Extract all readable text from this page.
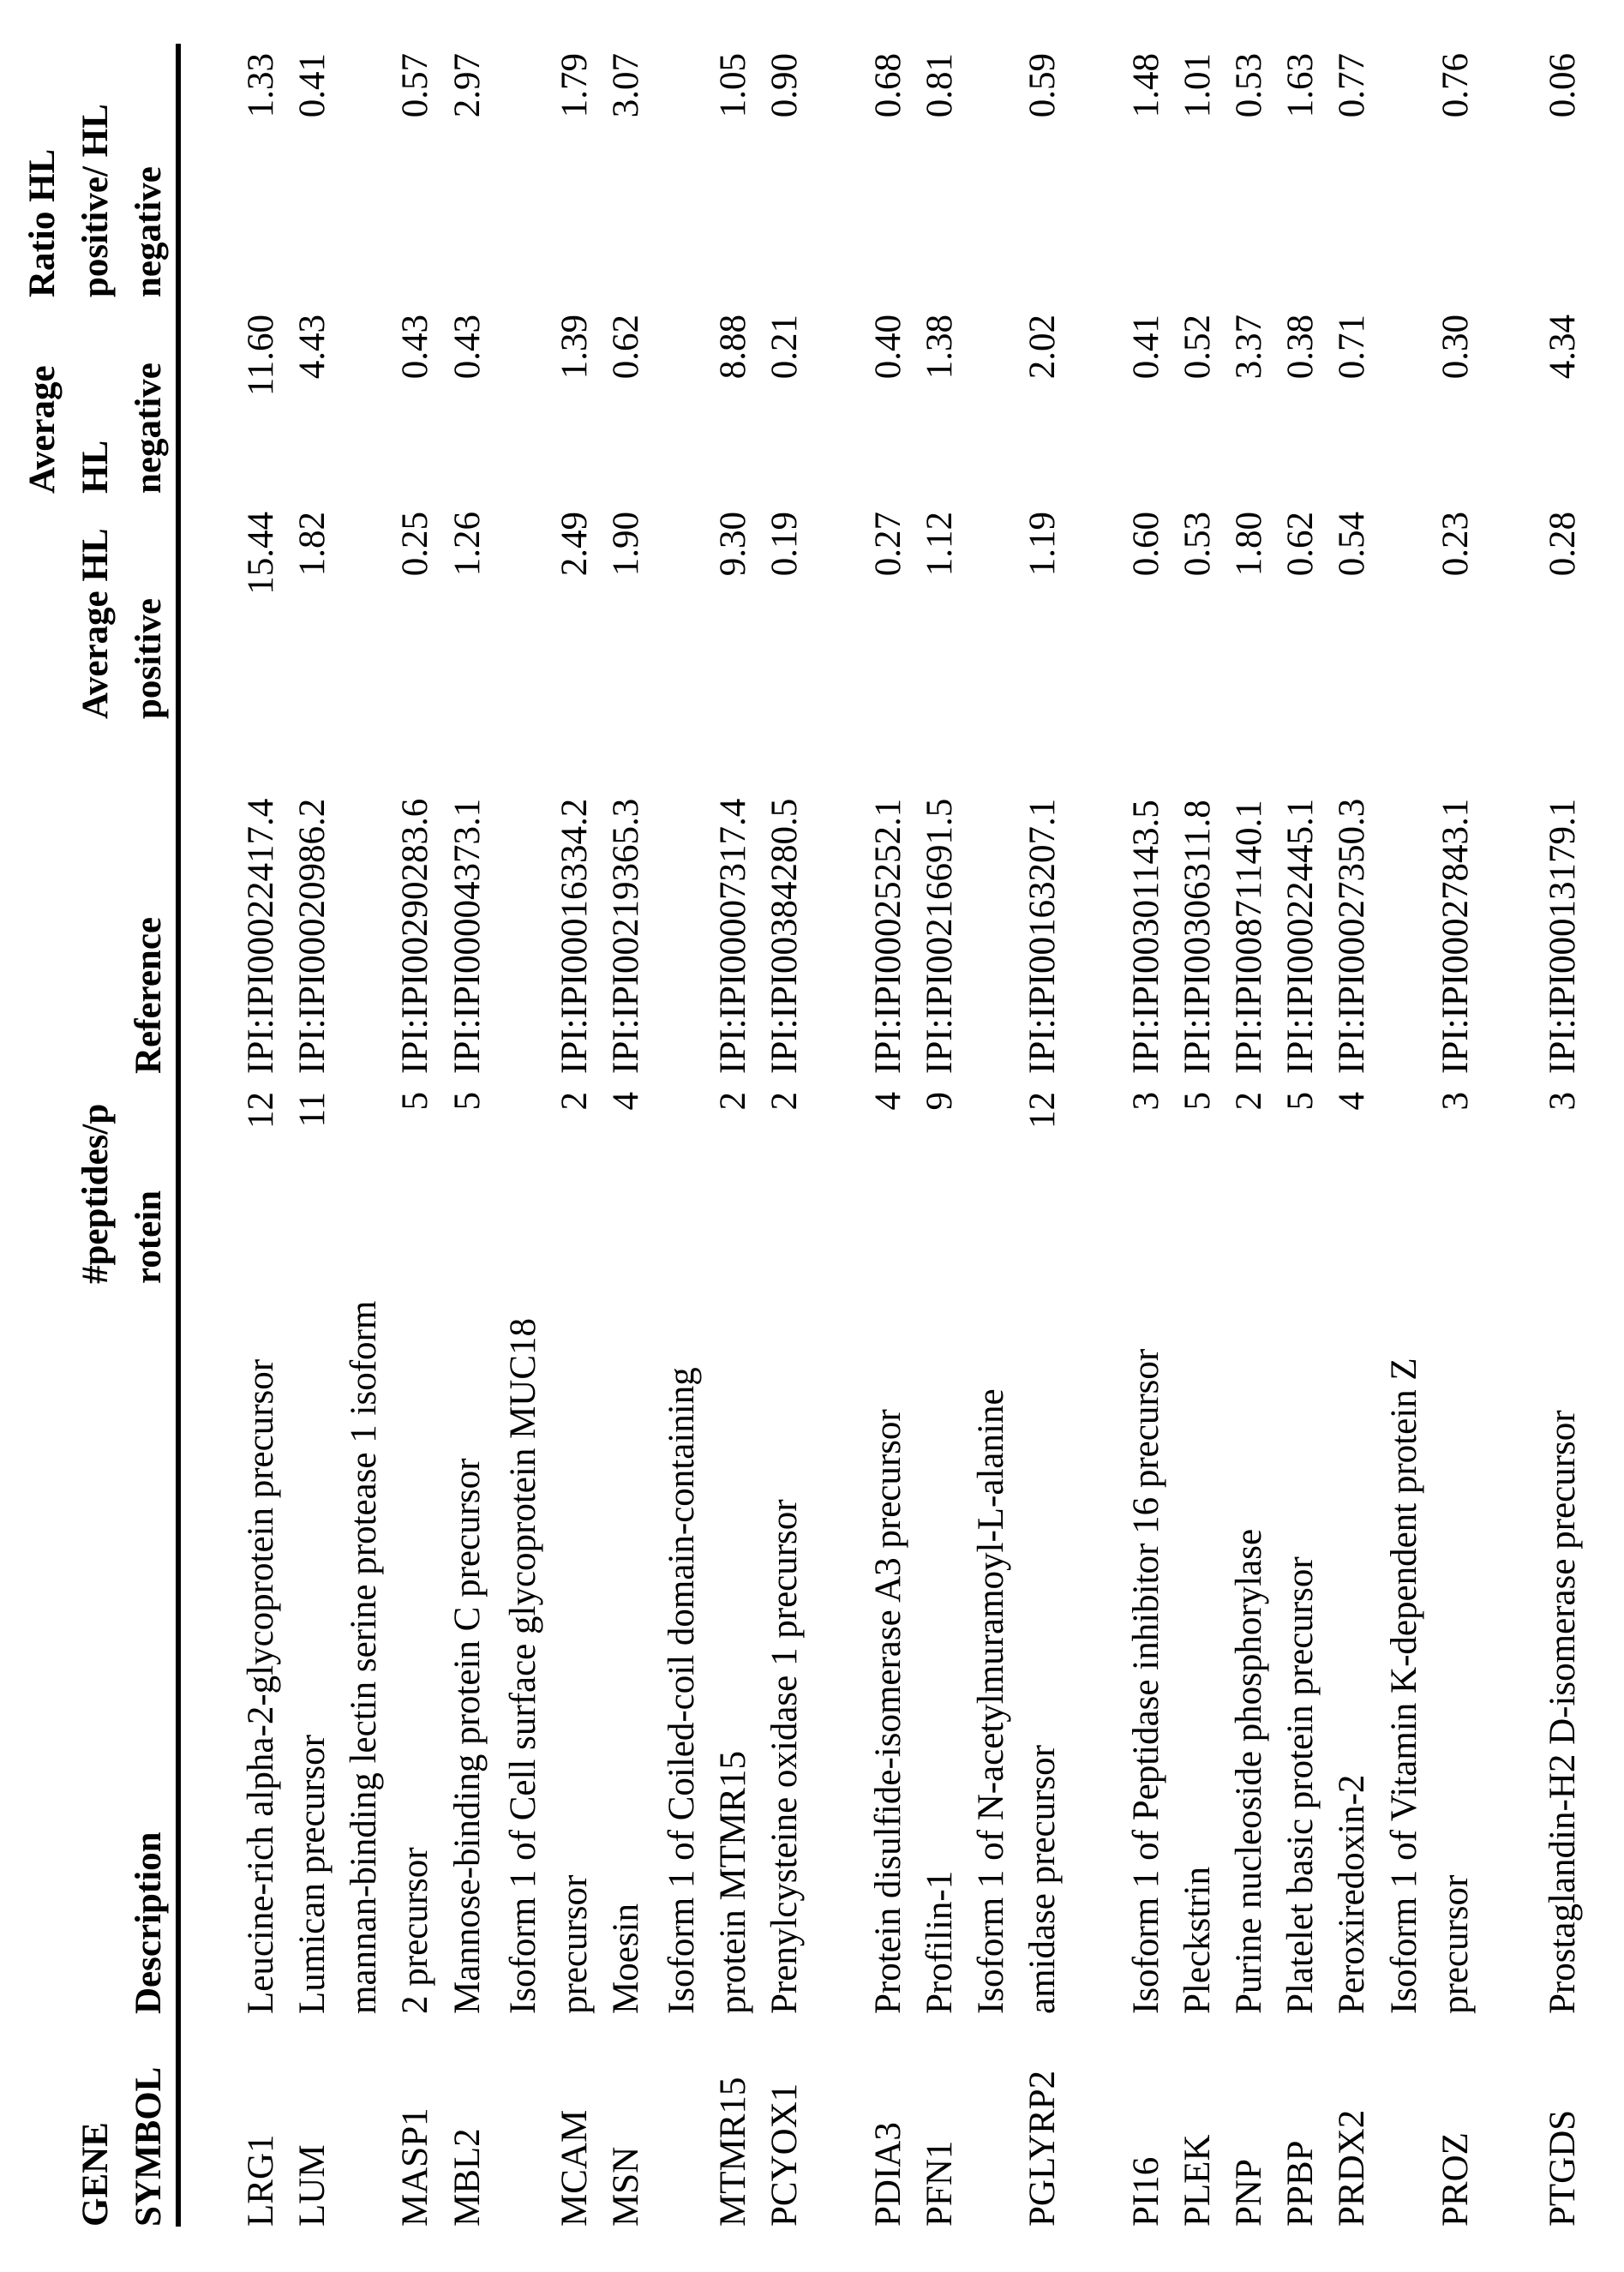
GENE SYMBOL	Description	#peptides/p rotein	Reference	Average HL positive	Average HL negative	Ratio HL positive/ HL negative

LRG1	Leucine-rich alpha-2-glycoprotein precursor	12	IPI:IPI00022417.4	15.44	11.60	1.33
LUM	Lumican precursor	11	IPI:IPI00020986.2	1.82	4.43	0.41
MASP1	mannan-binding lectin serine protease 1 isoform 2 precursor	5	IPI:IPI00290283.6	0.25	0.43	0.57
MBL2	Mannose-binding protein C precursor	5	IPI:IPI00004373.1	1.26	0.43	2.97
MCAM	Isoform 1 of Cell surface glycoprotein MUC18 precursor	2	IPI:IPI00016334.2	2.49	1.39	1.79
MSN	Moesin	4	IPI:IPI00219365.3	1.90	0.62	3.07
MTMR15	Isoform 1 of Coiled-coil domain-containing protein MTMR15	2	IPI:IPI00007317.4	9.30	8.88	1.05
PCYOX1	Prenylcysteine oxidase 1 precursor	2	IPI:IPI00384280.5	0.19	0.21	0.90
PDIA3	Protein disulfide-isomerase A3 precursor	4	IPI:IPI00025252.1	0.27	0.40	0.68
PFN1	Profilin-1	9	IPI:IPI00216691.5	1.12	1.38	0.81
PGLYRP2	Isoform 1 of N-acetylmuramoyl-L-alanine amidase precursor	12	IPI:IPI00163207.1	1.19	2.02	0.59
PI16	Isoform 1 of Peptidase inhibitor 16 precursor	3	IPI:IPI00301143.5	0.60	0.41	1.48
PLEK	Pleckstrin	5	IPI:IPI00306311.8	0.53	0.52	1.01
PNP	Purine nucleoside phosphorylase	2	IPI:IPI00871140.1	1.80	3.37	0.53
PPBP	Platelet basic protein precursor	5	IPI:IPI00022445.1	0.62	0.38	1.63
PRDX2	Peroxiredoxin-2	4	IPI:IPI00027350.3	0.54	0.71	0.77
PROZ	Isoform 1 of Vitamin K-dependent protein Z precursor	3	IPI:IPI00027843.1	0.23	0.30	0.76
PTGDS	Prostaglandin-H2 D-isomerase precursor	3	IPI:IPI00013179.1	0.28	4.34	0.06
